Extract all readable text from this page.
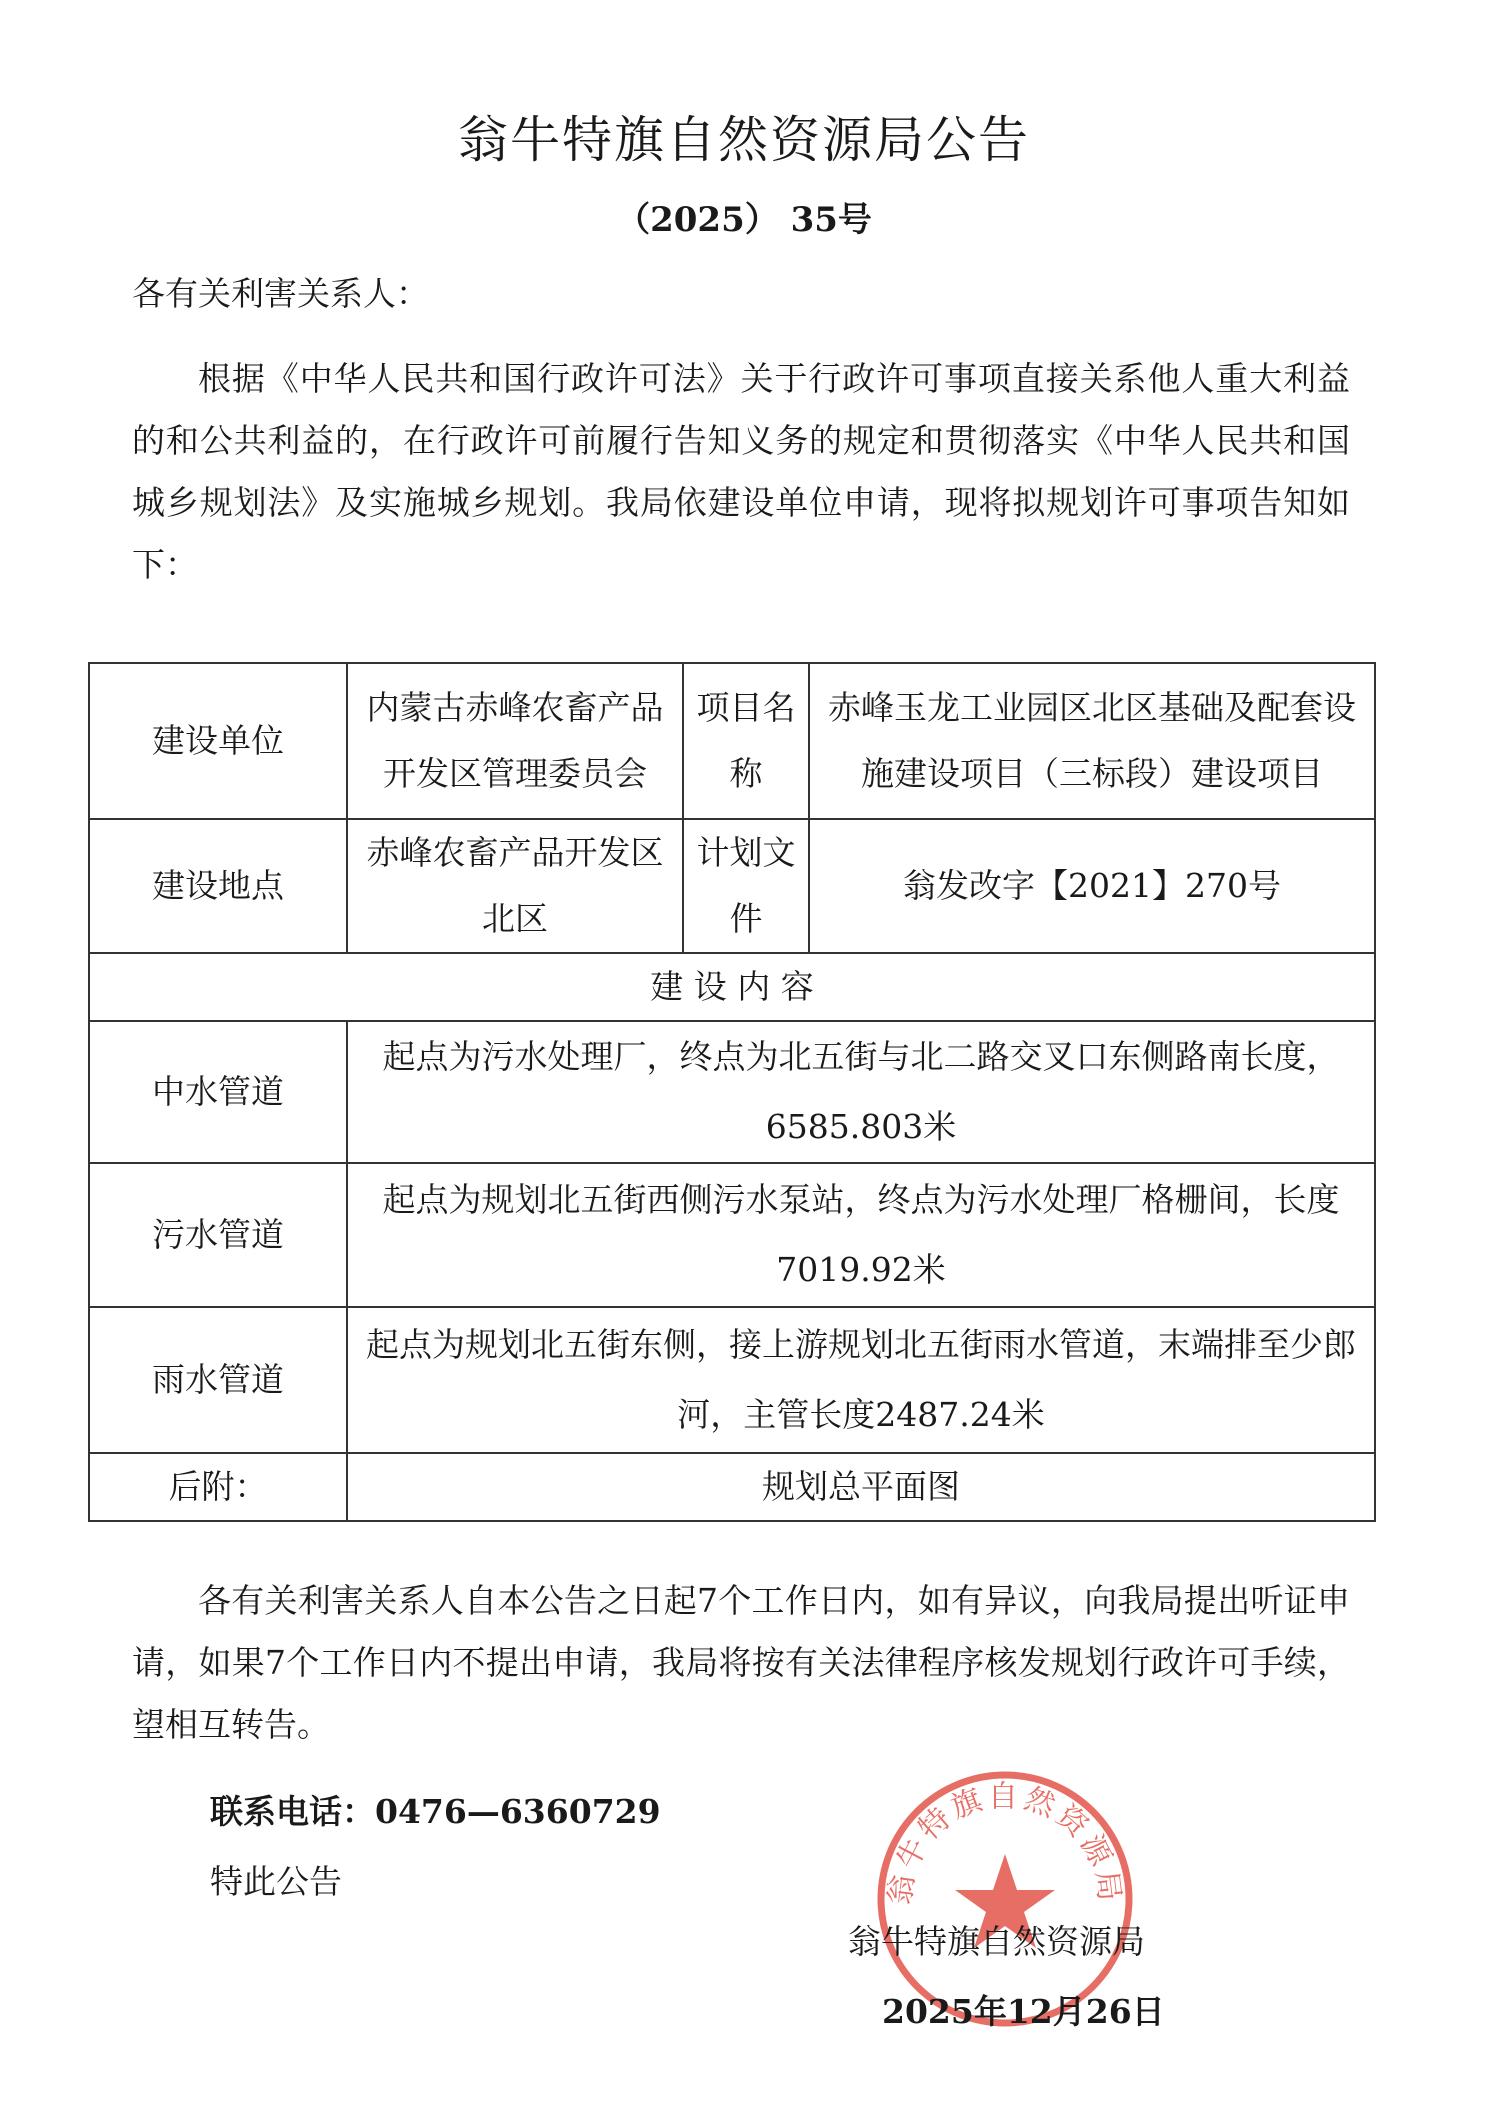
翁牛特旗自然资源局公告
（2025） 35号
各有关利害关系人：
根据《中华人民共和国行政许可法》关于行政许可事项直接关系他人重大利益的和公共利益的，在行政许可前履行告知义务的规定和贯彻落实《中华人民共和国城乡规划法》及实施城乡规划。我局依建设单位申请，现将拟规划许可事项告知如下：
建设单位	内蒙古赤峰农畜产品开发区管理委员会	项目名称	赤峰玉龙工业园区北区基础及配套设施建设项目（三标段）建设项目
建设地点	赤峰农畜产品开发区北区	计划文件	翁发改字【2021】270号
建 设 内 容			
中水管道	起点为污水处理厂，终点为北五街与北二路交叉口东侧路南长度，6585.803米		
污水管道	起点为规划北五街西侧污水泵站，终点为污水处理厂格栅间，长度7019.92米		
雨水管道	起点为规划北五街东侧，接上游规划北五街雨水管道，末端排至少郎河，主管长度2487.24米		
后附：	规划总平面图		
各有关利害关系人自本公告之日起7个工作日内，如有异议，向我局提出听证申请，如果7个工作日内不提出申请，我局将按有关法律程序核发规划行政许可手续，望相互转告。
联系电话：0476—6360729
特此公告	翁牛特旗自然资源局
翁牛特旗自然资源局
2025年12月26日
